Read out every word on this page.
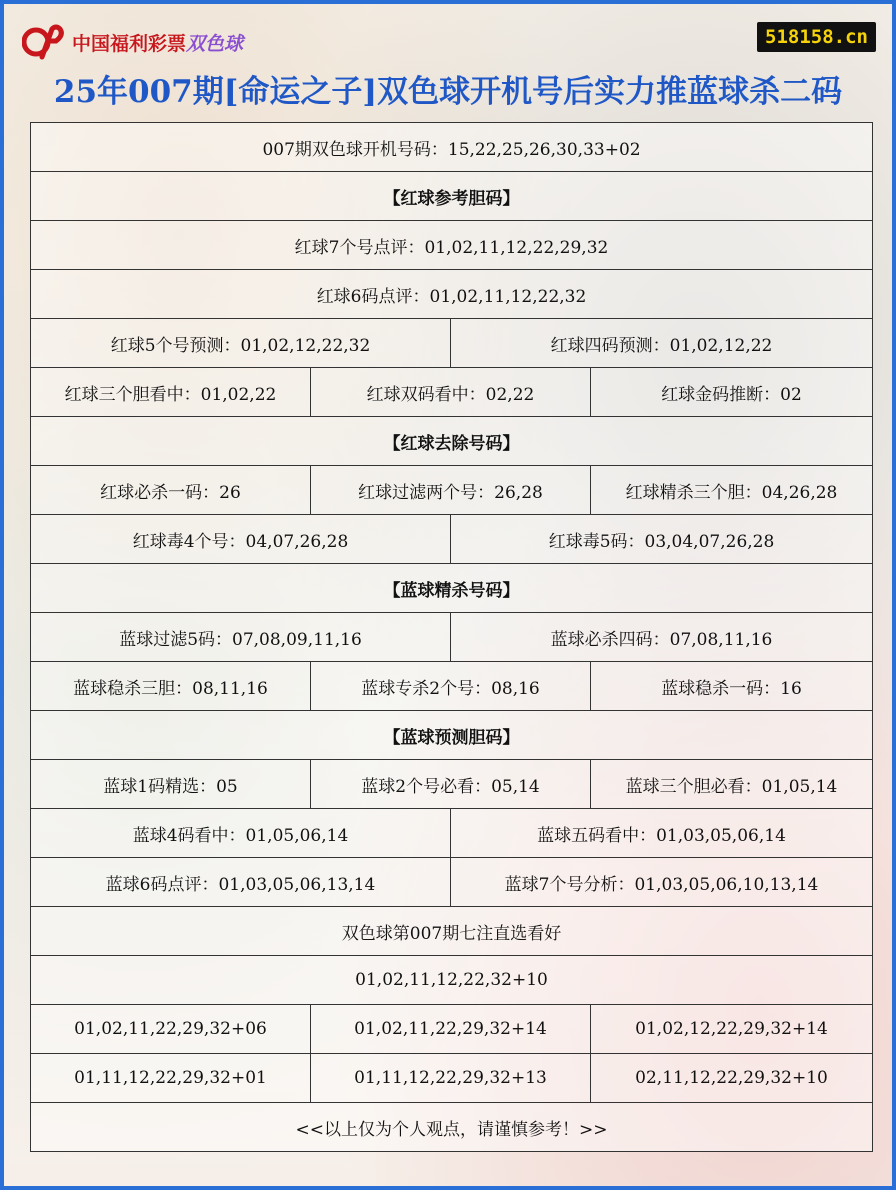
中国福利彩票双色球	518158.cn
25年007期[命运之子]双色球开机号后实力推蓝球杀二码
007期双色球开机号码：15,22,25,26,30,33+02			
【红球参考胆码】			
红球7个号点评：01,02,11,12,22,29,32			
红球6码点评：01,02,11,12,22,32			
红球5个号预测：01,02,12,22,32		红球四码预测：01,02,12,22	
红球三个胆看中：01,02,22	红球双码看中：02,22		红球金码推断：02
【红球去除号码】			
红球必杀一码：26	红球过滤两个号：26,28		红球精杀三个胆：04,26,28
红球毒4个号：04,07,26,28		红球毒5码：03,04,07,26,28	
【蓝球精杀号码】			
蓝球过滤5码：07,08,09,11,16		蓝球必杀四码：07,08,11,16	
蓝球稳杀三胆：08,11,16	蓝球专杀2个号：08,16		蓝球稳杀一码：16
【蓝球预测胆码】			
蓝球1码精选：05	蓝球2个号必看：05,14		蓝球三个胆必看：01,05,14
蓝球4码看中：01,05,06,14		蓝球五码看中：01,03,05,06,14	
蓝球6码点评：01,03,05,06,13,14		蓝球7个号分析：01,03,05,06,10,13,14	
双色球第007期七注直选看好			
01,02,11,12,22,32+10			
01,02,11,22,29,32+06	01,02,11,22,29,32+14		01,02,12,22,29,32+14
01,11,12,22,29,32+01	01,11,12,22,29,32+13		02,11,12,22,29,32+10
<<以上仅为个人观点，请谨慎参考！>>			
